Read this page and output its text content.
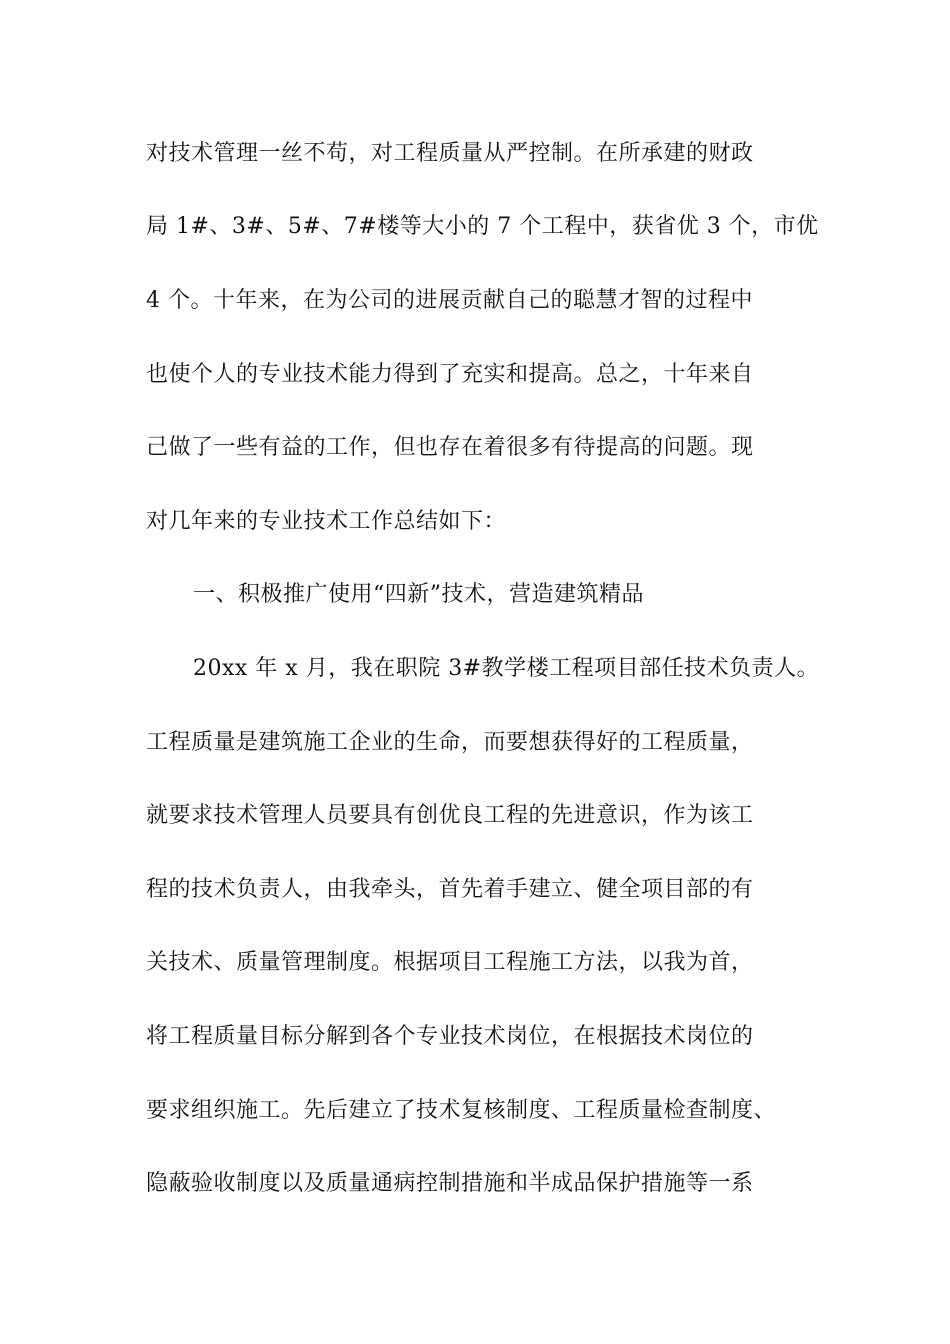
对技术管理一丝不苟，对工程质量从严控制。在所承建的财政
局 1#、3#、5#、7#楼等大小的 7 个工程中，获省优 3 个，市优
4 个。十年来，在为公司的进展贡献自己的聪慧才智的过程中
也使个人的专业技术能力得到了充实和提高。总之，十年来自
己做了一些有益的工作，但也存在着很多有待提高的问题。现
对几年来的专业技术工作总结如下：
一、积极推广使用“四新”技术，营造建筑精品
20xx 年 x 月，我在职院 3#教学楼工程项目部任技术负责人。
工程质量是建筑施工企业的生命，而要想获得好的工程质量，
就要求技术管理人员要具有创优良工程的先进意识，作为该工
程的技术负责人，由我牵头，首先着手建立、健全项目部的有
关技术、质量管理制度。根据项目工程施工方法，以我为首，
将工程质量目标分解到各个专业技术岗位，在根据技术岗位的
要求组织施工。先后建立了技术复核制度、工程质量检查制度、
隐蔽验收制度以及质量通病控制措施和半成品保护措施等一系
